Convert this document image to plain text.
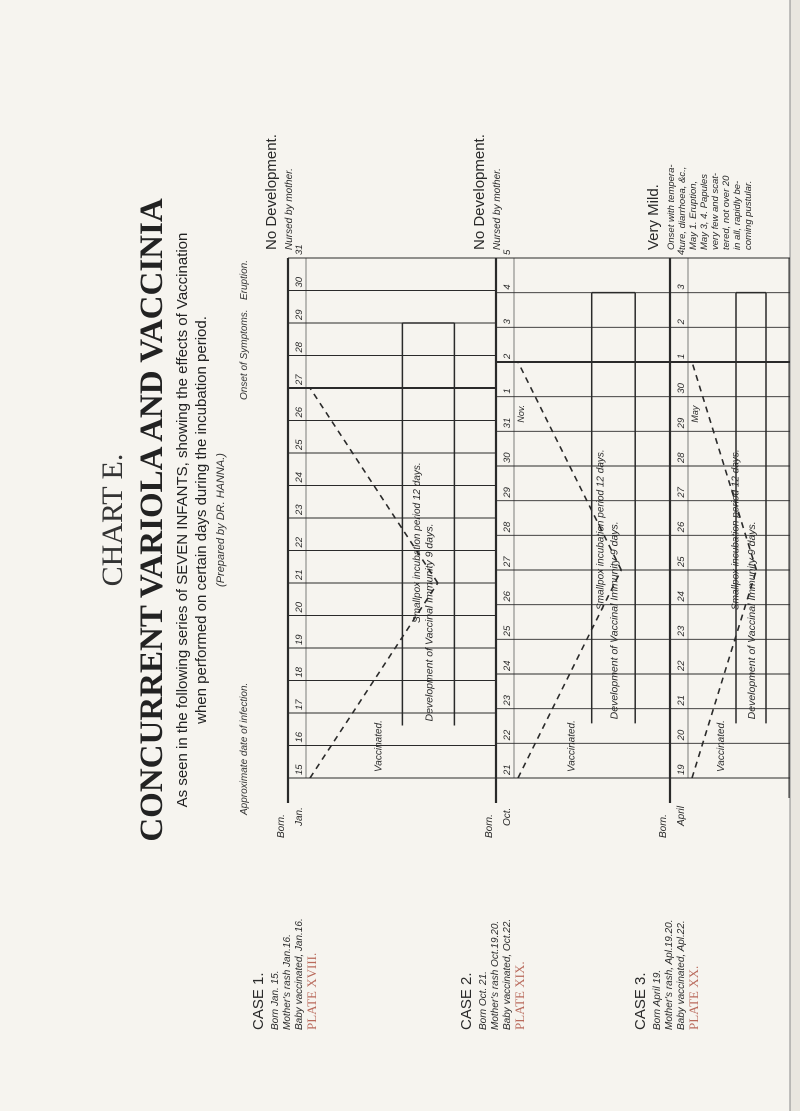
CHART E. CONCURRENT VARIOLA AND VACCINIA As seen in the following series of SEVEN INFANTS, showing the effects of Vaccination when performed on certain days during the incubation period. (Prepared by DR. HANNA.)
Approximate date of infection.
Onset of Symptoms.
Eruption.
15
16
17
18
19
20
21
22
23
24
25
26
27
28
29
30
31
Development of Vaccinal Immunity 9 days.
Smallpox incubation period 12 days.
Vaccinated.
Born. Jan.
CASE 1. Born Jan. 15. Mother's rash Jan.16. Baby vaccinated, Jan.16. PLATE XVIII.
No Development. Nursed by mother.
21
22
23
24
25
26
27
28
29
30
31
1
2
3
4
5
Development of Vaccinal Immunity 9 days.
Smallpox incubation period 12 days.
Vaccinated.
Born. Oct.
Nov.
CASE 2. Born Oct. 21. Mother's rash Oct.19.20. Baby vaccinated, Oct.22. PLATE XIX.
No Development. Nursed by mother.
19
20
21
22
23
24
25
26
27
28
29
30
1
2
3
4
Development of Vaccinal Immunity 9 days.
Smallpox incubation period 12 days.
Vaccinated.
Born. April
May
CASE 3. Born April 19. Mother's rash, Apl.19.20. Baby vaccinated, Apl.22. PLATE XX.
Very Mild. Onset with tempera- ture, diarrhoea, &c., May 1. Eruption, May 3, 4. Papules very few and scat- tered, not over 20 in all, rapidly be- coming pustular.
